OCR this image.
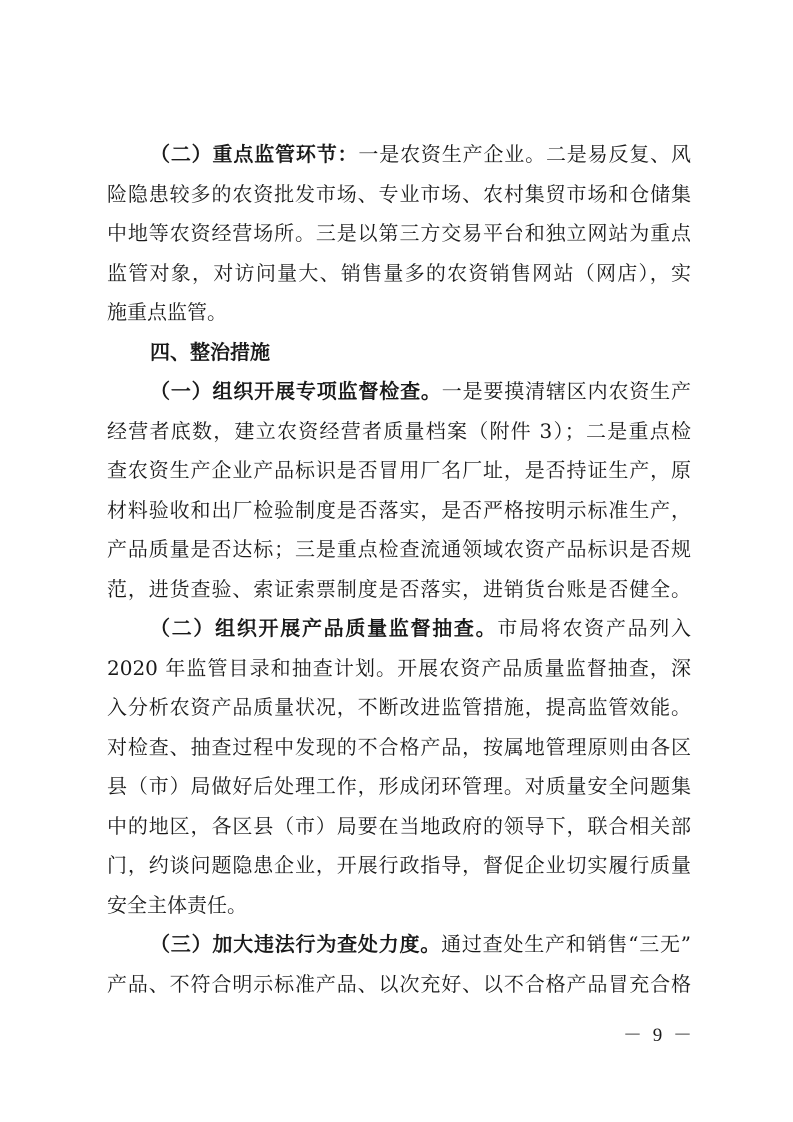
（二）重点监管环节：一是农资生产企业。二是易反复、风
险隐患较多的农资批发市场、专业市场、农村集贸市场和仓储集
中地等农资经营场所。三是以第三方交易平台和独立网站为重点
监管对象，对访问量大、销售量多的农资销售网站（网店），实
施重点监管。
四、整治措施
（一）组织开展专项监督检查。一是要摸清辖区内农资生产
经营者底数，建立农资经营者质量档案（附件 3）；二是重点检
查农资生产企业产品标识是否冒用厂名厂址，是否持证生产，原
材料验收和出厂检验制度是否落实，是否严格按明示标准生产，
产品质量是否达标；三是重点检查流通领域农资产品标识是否规
范，进货查验、索证索票制度是否落实，进销货台账是否健全。
（二）组织开展产品质量监督抽查。市局将农资产品列入
2020 年监管目录和抽查计划。开展农资产品质量监督抽查，深
入分析农资产品质量状况，不断改进监管措施，提高监管效能。
对检查、抽查过程中发现的不合格产品，按属地管理原则由各区
县（市）局做好后处理工作，形成闭环管理。对质量安全问题集
中的地区，各区县（市）局要在当地政府的领导下，联合相关部
门，约谈问题隐患企业，开展行政指导，督促企业切实履行质量
安全主体责任。
（三）加大违法行为查处力度。通过查处生产和销售“三无”
产品、不符合明示标准产品、以次充好、以不合格产品冒充合格
－ 9 －
